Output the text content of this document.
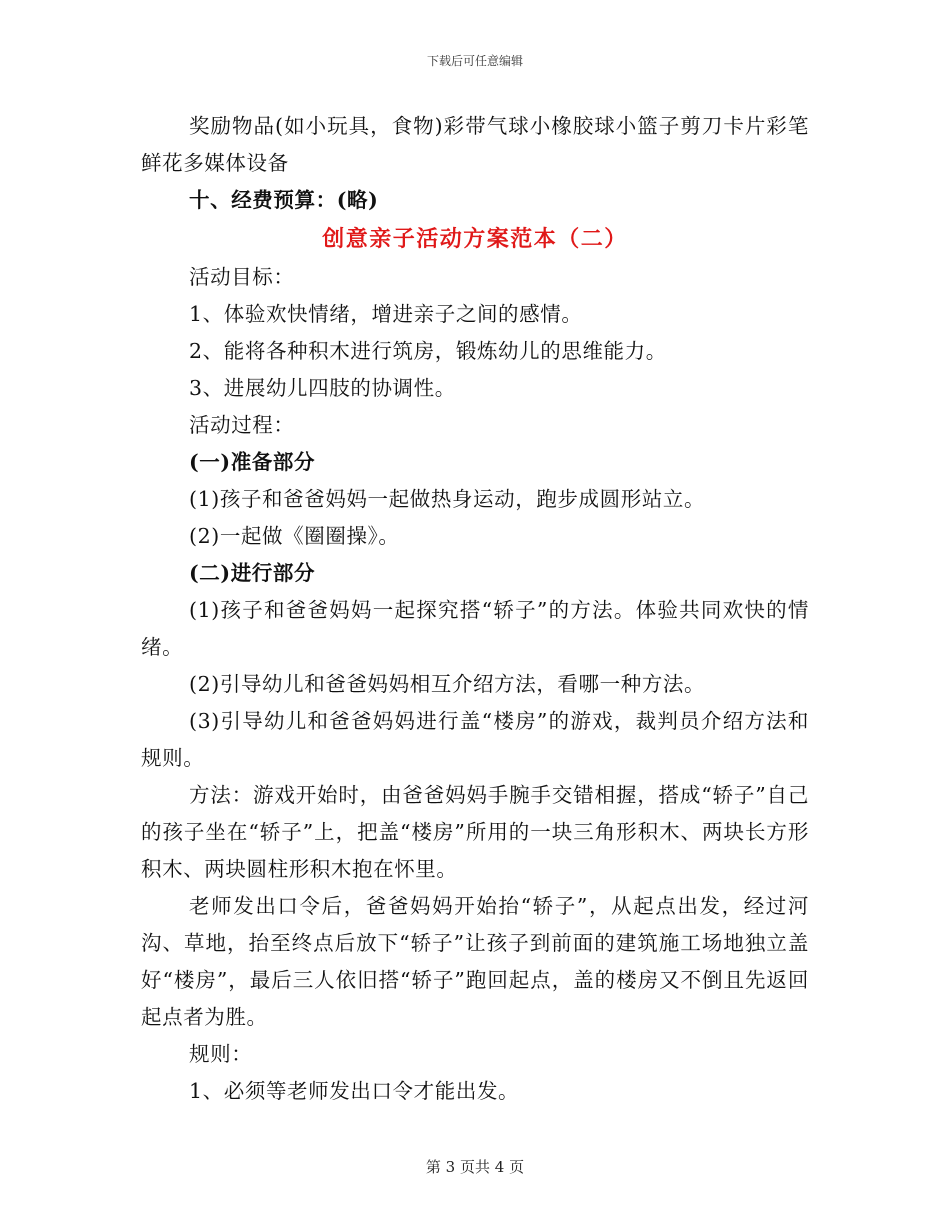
下载后可任意编辑

奖励物品(如小玩具，食物)彩带气球小橡胶球小篮子剪刀卡片彩笔鲜花多媒体设备

十、经费预算：(略)

创意亲子活动方案范本（二）

活动目标：

1、体验欢快情绪，增进亲子之间的感情。

2、能将各种积木进行筑房，锻炼幼儿的思维能力。

3、进展幼儿四肢的协调性。

活动过程：

(一)准备部分

(1)孩子和爸爸妈妈一起做热身运动，跑步成圆形站立。

(2)一起做《圈圈操》。

(二)进行部分

(1)孩子和爸爸妈妈一起探究搭“轿子”的方法。体验共同欢快的情绪。

(2)引导幼儿和爸爸妈妈相互介绍方法，看哪一种方法。

(3)引导幼儿和爸爸妈妈进行盖“楼房”的游戏，裁判员介绍方法和规则。

方法：游戏开始时，由爸爸妈妈手腕手交错相握，搭成“轿子”自己的孩子坐在“轿子”上，把盖“楼房”所用的一块三角形积木、两块长方形积木、两块圆柱形积木抱在怀里。

老师发出口令后，爸爸妈妈开始抬“轿子”，从起点出发，经过河沟、草地，抬至终点后放下“轿子”让孩子到前面的建筑施工场地独立盖好“楼房”，最后三人依旧搭“轿子”跑回起点，盖的楼房又不倒且先返回起点者为胜。

规则：

1、必须等老师发出口令才能出发。

第 3 页共 4 页
